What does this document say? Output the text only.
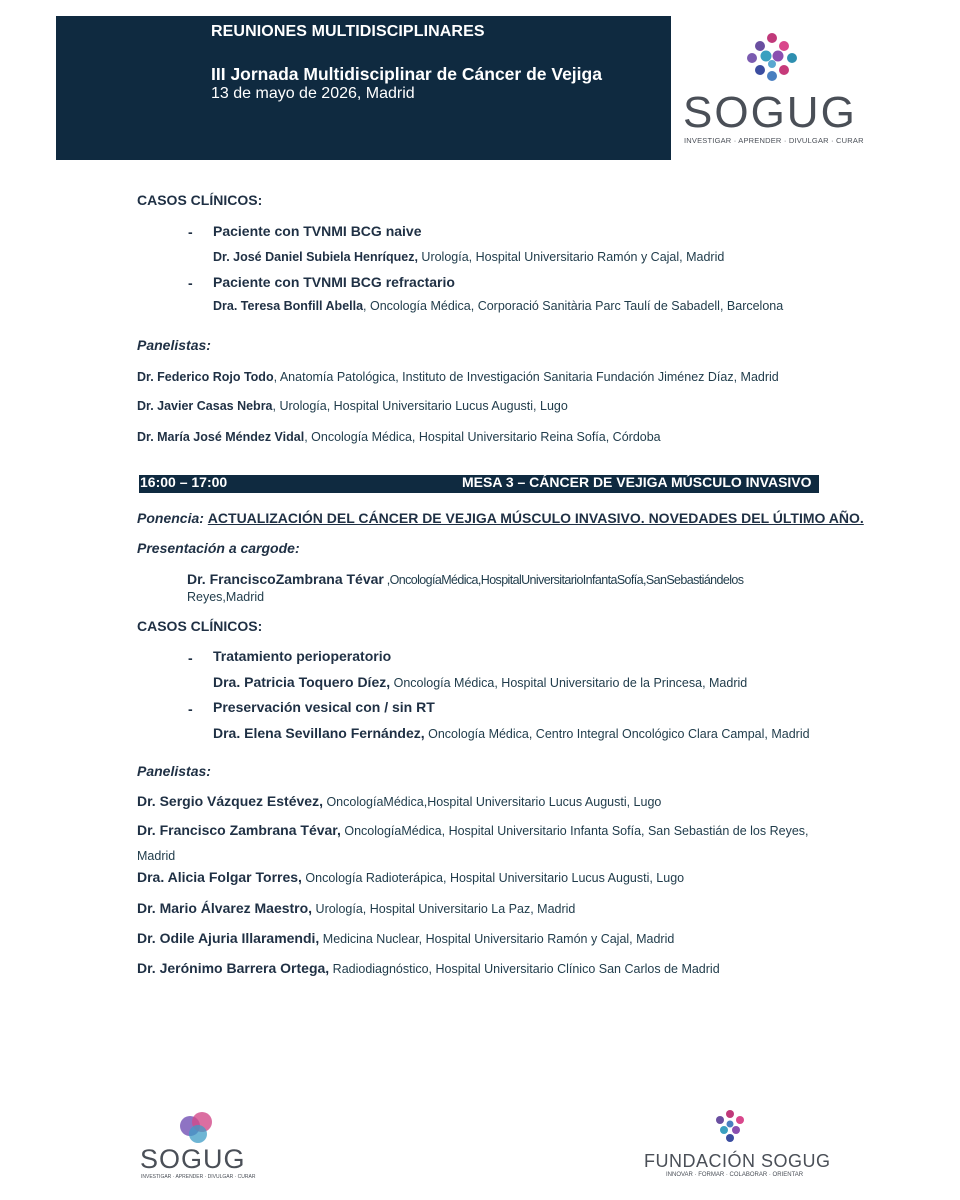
REUNIONES MULTIDISCIPLINARES
III Jornada Multidisciplinar de Cáncer de Vejiga
13 de mayo de 2026, Madrid	SOGUG
INVESTIGAR · APRENDER · DIVULGAR · CURAR
CASOS CLÍNICOS:
- Paciente con TVNMI BCG naive
Dr. José Daniel Subiela Henríquez, Urología, Hospital Universitario Ramón y Cajal, Madrid
- Paciente con TVNMI BCG refractario
Dra. Teresa Bonfill Abella, Oncología Médica, Corporació Sanitària Parc Taulí de Sabadell, Barcelona
Panelistas:
Dr. Federico Rojo Todo, Anatomía Patológica, Instituto de Investigación Sanitaria Fundación Jiménez Díaz, Madrid
Dr. Javier Casas Nebra, Urología, Hospital Universitario Lucus Augusti, Lugo
Dr. María José Méndez Vidal, Oncología Médica, Hospital Universitario Reina Sofía, Córdoba
16:00 – 17:00	MESA 3 – CÁNCER DE VEJIGA MÚSCULO INVASIVO
Ponencia: ACTUALIZACIÓN DEL CÁNCER DE VEJIGA MÚSCULO INVASIVO. NOVEDADES DEL ÚLTIMO AÑO.
Presentación a cargode:
Dr. FranciscoZambrana Tévar ,OncologíaMédica,HospitalUniversitarioInfantaSofía,SanSebastiándelos
Reyes,Madrid
CASOS CLÍNICOS:
- Tratamiento perioperatorio
Dra. Patricia Toquero Díez, Oncología Médica, Hospital Universitario de la Princesa, Madrid
- Preservación vesical con / sin RT
Dra. Elena Sevillano Fernández, Oncología Médica, Centro Integral Oncológico Clara Campal, Madrid
Panelistas:
Dr. Sergio Vázquez Estévez, OncologíaMédica,Hospital Universitario Lucus Augusti, Lugo
Dr. Francisco Zambrana Tévar, OncologíaMédica, Hospital Universitario Infanta Sofía, San Sebastián de los Reyes,
Madrid
Dra. Alicia Folgar Torres, Oncología Radioterápica, Hospital Universitario Lucus Augusti, Lugo
Dr. Mario Álvarez Maestro, Urología, Hospital Universitario La Paz, Madrid
Dr. Odile Ajuria Illaramendi, Medicina Nuclear, Hospital Universitario Ramón y Cajal, Madrid
Dr. Jerónimo Barrera Ortega, Radiodiagnóstico, Hospital Universitario Clínico San Carlos de Madrid
SOGUG
INVESTIGAR · APRENDER · DIVULGAR · CURAR
FUNDACIÓN SOGUG
INNOVAR · FORMAR · COLABORAR · ORIENTAR
